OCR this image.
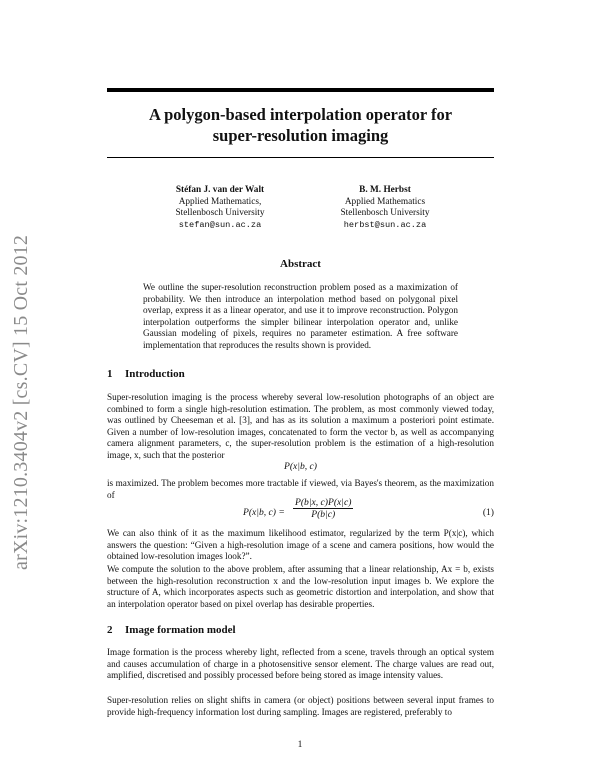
arXiv:1210.3404v2 [cs.CV] 15 Oct 2012
A polygon-based interpolation operator for
super-resolution imaging
Stéfan J. van der Walt
Applied Mathematics,
Stellenbosch University
stefan@sun.ac.za
B. M. Herbst
Applied Mathematics
Stellenbosch University
herbst@sun.ac.za
Abstract
We outline the super-resolution reconstruction problem posed as a maximization of probability. We then introduce an interpolation method based on polygonal pixel overlap, express it as a linear operator, and use it to improve reconstruction. Polygon interpolation outperforms the simpler bilinear interpolation operator and, unlike Gaussian modeling of pixels, requires no parameter estimation. A free software implementation that reproduces the results shown is provided.
1 Introduction
Super-resolution imaging is the process whereby several low-resolution photographs of an object are combined to form a single high-resolution estimation. The problem, as most commonly viewed today, was outlined by Cheeseman et al. [3], and has as its solution a maximum a posteriori point estimate. Given a number of low-resolution images, concatenated to form the vector b, as well as accompanying camera alignment parameters, c, the super-resolution problem is the estimation of a high-resolution image, x, such that the posterior
P(x|b, c)
is maximized. The problem becomes more tractable if viewed, via Bayes's theorem, as the maximization of
P(x|b, $c) = \frac{P(b|x, c)P(x|c)}{P(b|c)}$	(1)
We can also think of it as the maximum likelihood estimator, regularized by the term P(x|c), which answers the question: “Given a high-resolution image of a scene and camera positions, how would the obtained low-resolution images look?”.
We compute the solution to the above problem, after assuming that a linear relationship, Ax = b, exists between the high-resolution reconstruction x and the low-resolution input images b. We explore the structure of A, which incorporates aspects such as geometric distortion and interpolation, and show that an interpolation operator based on pixel overlap has desirable properties.
2 Image formation model
Image formation is the process whereby light, reflected from a scene, travels through an optical system and causes accumulation of charge in a photosensitive sensor element. The charge values are read out, amplified, discretised and possibly processed before being stored as image intensity values.
Super-resolution relies on slight shifts in camera (or object) positions between several input frames to provide high-frequency information lost during sampling. Images are registered, preferably to
1
